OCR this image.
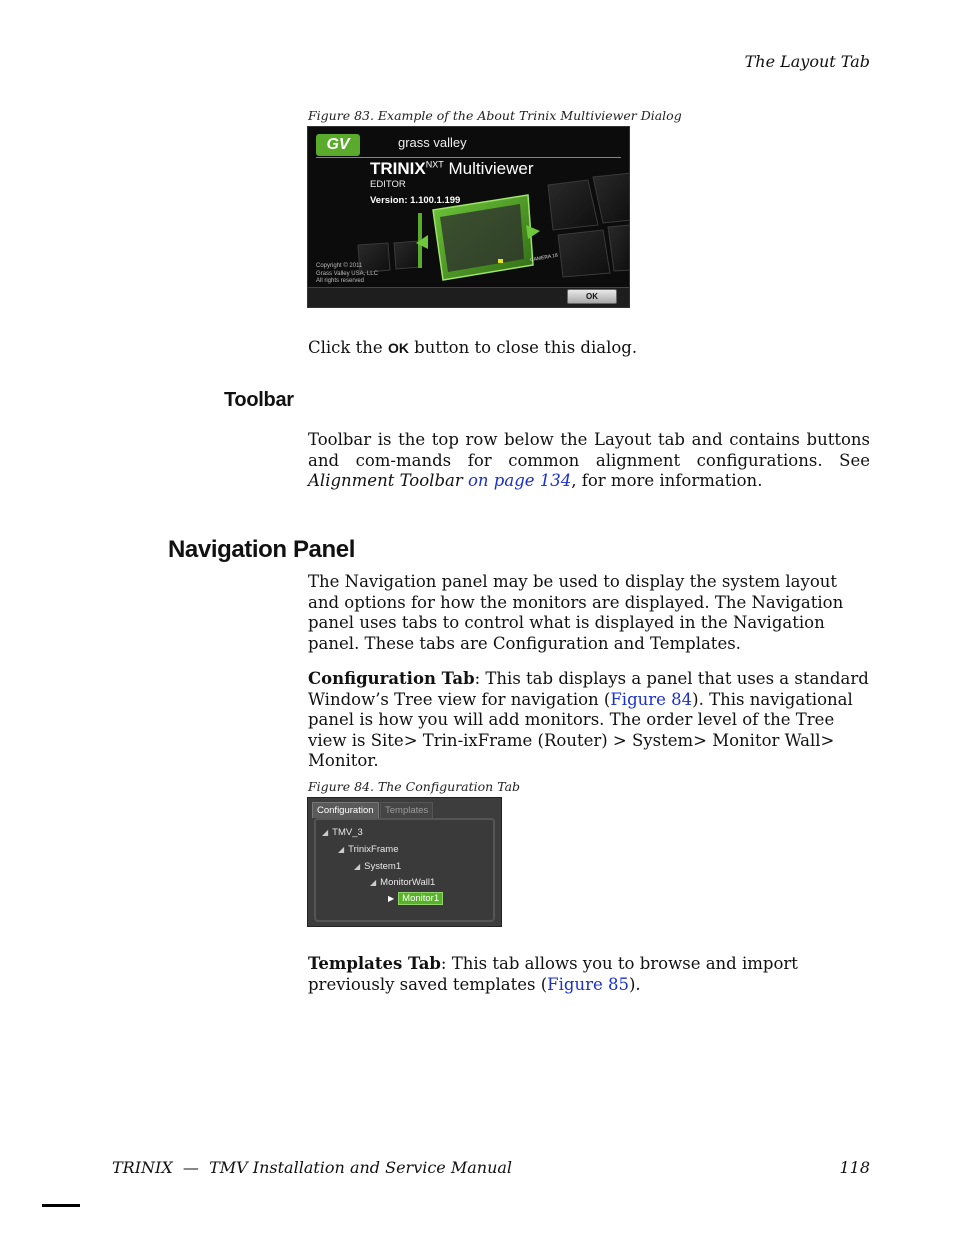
The Layout Tab
Figure 83. Example of the About Trinix Multiviewer Dialog
GV	grass valley
$TRINIX^{NXT}$ Multiviewer
EDITOR
Version: 1.100.1.199
CAMERA 18
Copyright © 2011
Grass Valley USA, LLC
All rights reserved
OK

Click the OK button to close this dialog.

Toolbar

Toolbar is the top row below the Layout tab and contains buttons and com-mands for common alignment configurations. See Alignment Toolbar on page 134, for more information.

Navigation Panel

The Navigation panel may be used to display the system layout and options for how the monitors are displayed. The Navigation panel uses tabs to control what is displayed in the Navigation panel. These tabs are Configuration and Templates.

Configuration Tab: This tab displays a panel that uses a standard Window’s Tree view for navigation (Figure 84). This navigational panel is how you will add monitors. The order level of the Tree view is Site> Trin-ixFrame (Router) > System> Monitor Wall> Monitor.

Figure 84. The Configuration Tab
Configuration	Templates
◢ TMV_3
◢ TrinixFrame
◢ System1
◢ MonitorWall1
▶ Monitor1

Templates Tab: This tab allows you to browse and import previously saved templates (Figure 85).

TRINIX  —  TMV Installation and Service Manual	118
